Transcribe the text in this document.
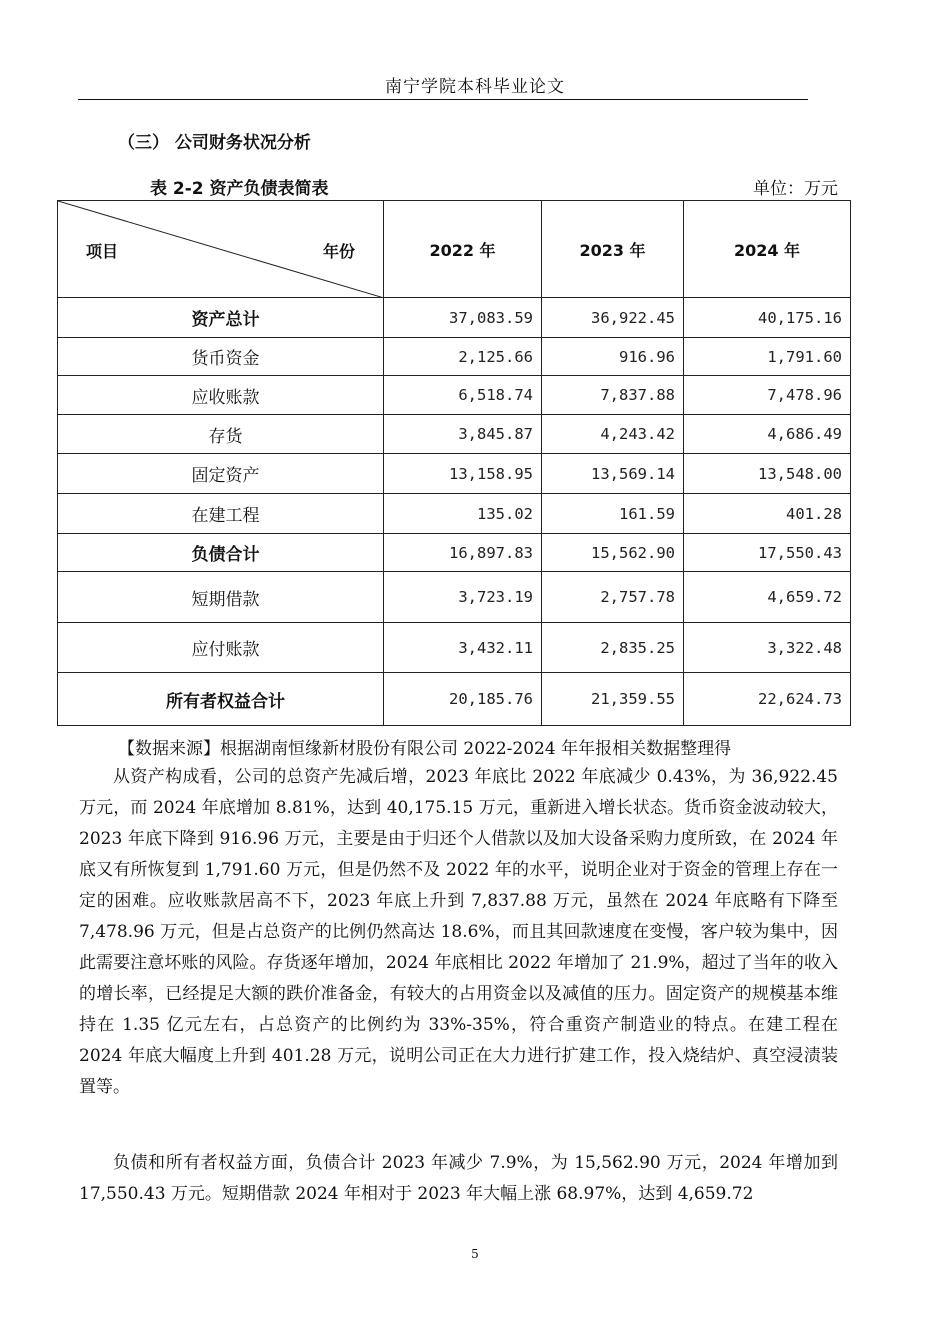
南宁学院本科毕业论文
（三） 公司财务状况分析
表 2-2 资产负债表简表	单位：万元
项目 年份	2022 年	2023 年	2024 年
资产总计	37,083.59	36,922.45	40,175.16
货币资金	2,125.66	916.96	1,791.60
应收账款	6,518.74	7,837.88	7,478.96
存货	3,845.87	4,243.42	4,686.49
固定资产	13,158.95	13,569.14	13,548.00
在建工程	135.02	161.59	401.28
负债合计	16,897.83	15,562.90	17,550.43
短期借款	3,723.19	2,757.78	4,659.72
应付账款	3,432.11	2,835.25	3,322.48
所有者权益合计	20,185.76	21,359.55	22,624.73
【数据来源】根据湖南恒缘新材股份有限公司 2022-2024 年年报相关数据整理得

从资产构成看，公司的总资产先减后增，2023 年底比 2022 年底减少 0.43%，为 36,922.45 万元，而 2024 年底增加 8.81%，达到 40,175.15 万元，重新进入增长状态。货币资金波动较大，2023 年底下降到 916.96 万元，主要是由于归还个人借款以及加大设备采购力度所致，在 2024 年底又有所恢复到 1,791.60 万元，但是仍然不及 2022 年的水平，说明企业对于资金的管理上存在一定的困难。应收账款居高不下，2023 年底上升到 7,837.88 万元，虽然在 2024 年底略有下降至 7,478.96 万元，但是占总资产的比例仍然高达 18.6%，而且其回款速度在变慢，客户较为集中，因此需要注意坏账的风险。存货逐年增加，2024 年底相比 2022 年增加了 21.9%，超过了当年的收入的增长率，已经提足大额的跌价准备金，有较大的占用资金以及减值的压力。固定资产的规模基本维持在 1.35 亿元左右，占总资产的比例约为 33%-35%，符合重资产制造业的特点。在建工程在 2024 年底大幅度上升到 401.28 万元，说明公司正在大力进行扩建工作，投入烧结炉、真空浸渍装置等。

负债和所有者权益方面，负债合计 2023 年减少 7.9%，为 15,562.90 万元，2024 年增加到 17,550.43 万元。短期借款 2024 年相对于 2023 年大幅上涨 68.97%，达到 4,659.72

5
